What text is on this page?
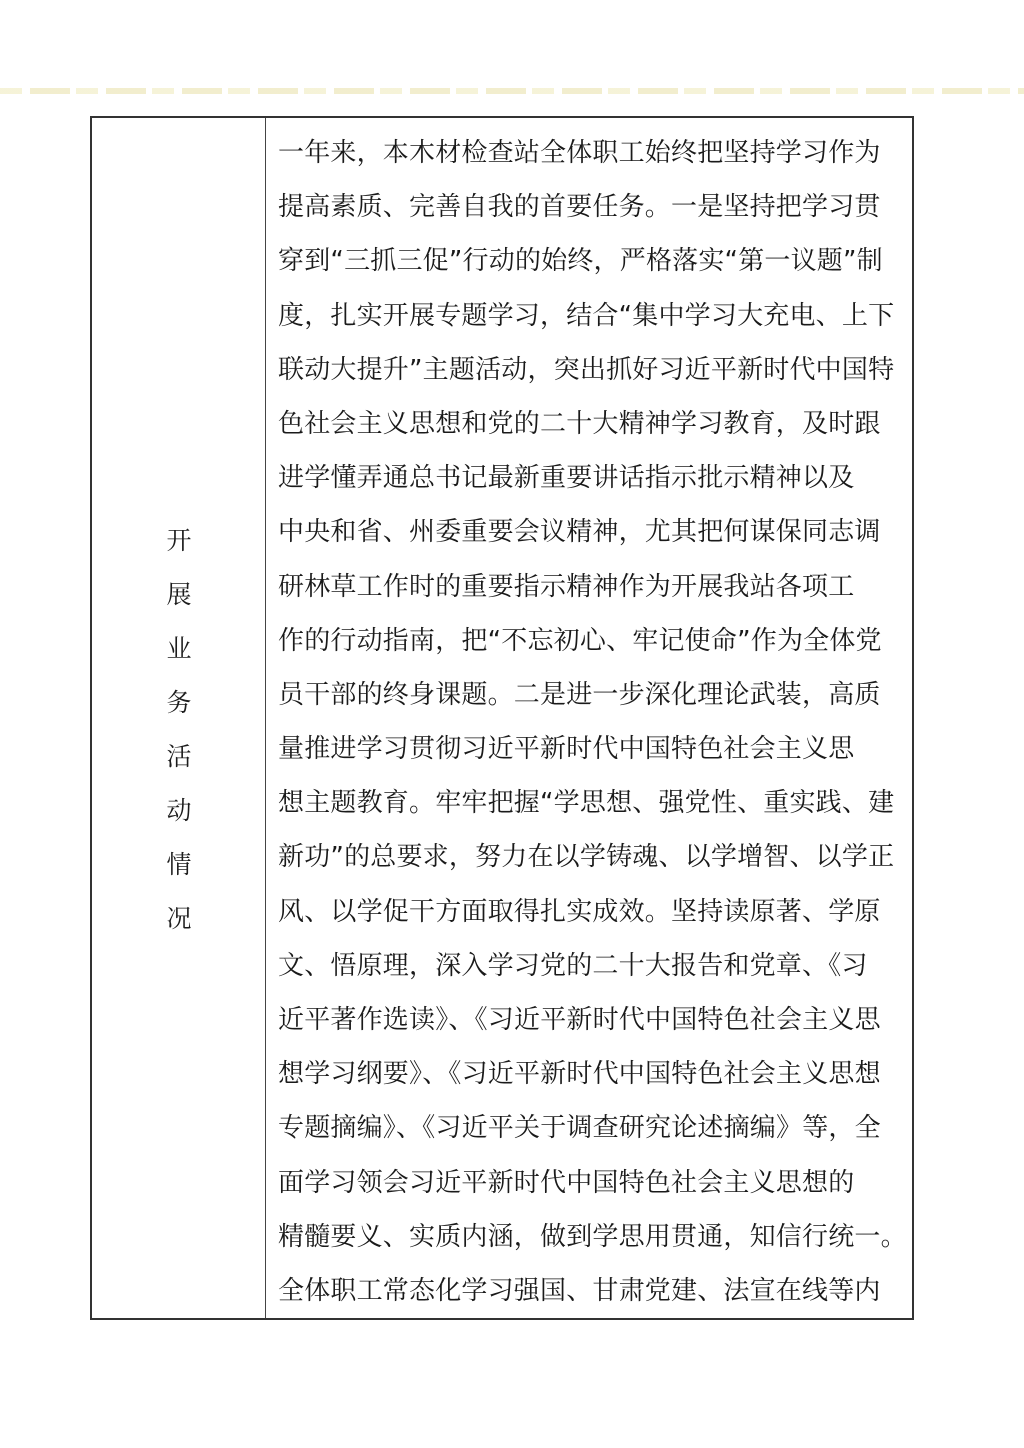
开
展
业
务
活
动
情
况
一年来，本木材检查站全体职工始终把坚持学习作为
提高素质、完善自我的首要任务。一是坚持把学习贯
穿到“三抓三促”行动的始终，严格落实“第一议题”制
度，扎实开展专题学习，结合“集中学习大充电、上下
联动大提升”主题活动，突出抓好习近平新时代中国特
色社会主义思想和党的二十大精神学习教育，及时跟
进学懂弄通总书记最新重要讲话指示批示精神以及
中央和省、州委重要会议精神，尤其把何谋保同志调
研林草工作时的重要指示精神作为开展我站各项工
作的行动指南，把“不忘初心、牢记使命”作为全体党
员干部的终身课题。二是进一步深化理论武装，高质
量推进学习贯彻习近平新时代中国特色社会主义思
想主题教育。牢牢把握“学思想、强党性、重实践、建
新功”的总要求，努力在以学铸魂、以学增智、以学正
风、以学促干方面取得扎实成效。坚持读原著、学原
文、悟原理，深入学习党的二十大报告和党章、《习
近平著作选读》、《习近平新时代中国特色社会主义思
想学习纲要》、《习近平新时代中国特色社会主义思想
专题摘编》、《习近平关于调查研究论述摘编》等，全
面学习领会习近平新时代中国特色社会主义思想的
精髓要义、实质内涵，做到学思用贯通，知信行统一。
全体职工常态化学习强国、甘肃党建、法宣在线等内
